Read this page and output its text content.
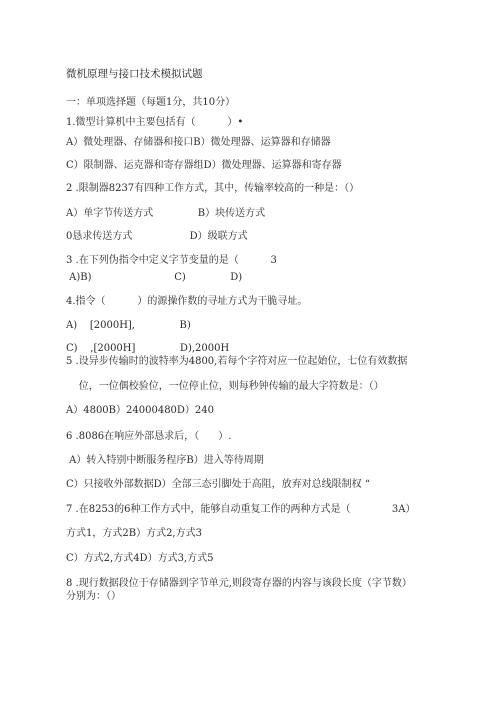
微机原理与接口技术模拟试题
一：单项选择题（每题1分，共10分）
1.微型计算机中主要包括有（          ）•
A）微处理器、存储器和接口B）微处理器、运算器和存储器
C）限制器、运克器和寄存器组D）微处理器、运算器和寄存器
2 .限制器8237有四种工作方式，其中，传输率较高的一种是：（）
A）单字节传送方式              B）块传送方式
0恳求传送方式                  D）级联方式
3 .在下列伪指令中定义字节变量的是（          3
A)B)                          C)              D)
4.指令（          ）的源操作数的寻址方式为干脆寻址。
A)    [2000H],              B)
C)    ,[2000H]              D),2000H
5 .设异步传输时的波特率为4800,若每个字符对应一位起始位，七位有效数据
位，一位偶校验位，一位停止位，则每秒钟传输的最大字符数是：（）
A）4800B）24000480D）240
6 .8086在响应外部恳求后，（      ）.
A）转入特别中断服务程序B）进入等待周期
C）只接收外部数据D）全部三态引脚处于高阻，放弃对总线限制权 “
7 .在8253的6种工作方式中，能够自动重复工作的两种方式是（             3A）
方式1，方式2B）方式2,方式3
C）方式2,方式4D）方式3,方式5
8 .现行数据段位于存储器到字节单元,则段寄存器的内容与该段长度（字节数）
分别为：（）
